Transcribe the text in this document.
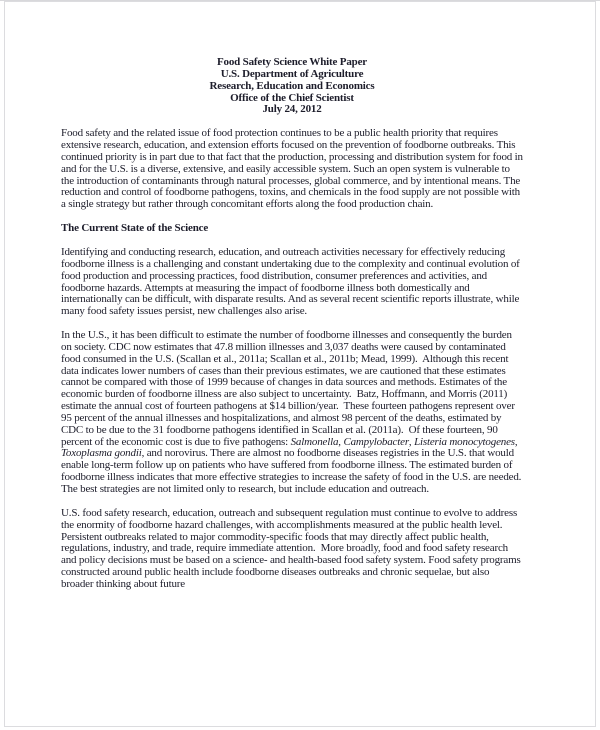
Food Safety Science White Paper
U.S. Department of Agriculture
Research, Education and Economics
Office of the Chief Scientist
July 24, 2012

Food safety and the related issue of food protection continues to be a public health priority that requires extensive research, education, and extension efforts focused on the prevention of foodborne outbreaks. This continued priority is in part due to that fact that the production, processing and distribution system for food in and for the U.S. is a diverse, extensive, and easily accessible system. Such an open system is vulnerable to the introduction of contaminants through natural processes, global commerce, and by intentional means. The reduction and control of foodborne pathogens, toxins, and chemicals in the food supply are not possible with a single strategy but rather through concomitant efforts along the food production chain.

The Current State of the Science

Identifying and conducting research, education, and outreach activities necessary for effectively reducing foodborne illness is a challenging and constant undertaking due to the complexity and continual evolution of food production and processing practices, food distribution, consumer preferences and activities, and foodborne hazards. Attempts at measuring the impact of foodborne illness both domestically and internationally can be difficult, with disparate results. And as several recent scientific reports illustrate, while many food safety issues persist, new challenges also arise.

In the U.S., it has been difficult to estimate the number of foodborne illnesses and consequently the burden on society. CDC now estimates that 47.8 million illnesses and 3,037 deaths were caused by contaminated food consumed in the U.S. (Scallan et al., 2011a; Scallan et al., 2011b; Mead, 1999).  Although this recent data indicates lower numbers of cases than their previous estimates, we are cautioned that these estimates cannot be compared with those of 1999 because of changes in data sources and methods. Estimates of the economic burden of foodborne illness are also subject to uncertainty.  Batz, Hoffmann, and Morris (2011) estimate the annual cost of fourteen pathogens at $14 billion/year.  These fourteen pathogens represent over 95 percent of the annual illnesses and hospitalizations, and almost 98 percent of the deaths, estimated by CDC to be due to the 31 foodborne pathogens identified in Scallan et al. (2011a).  Of these fourteen, 90 percent of the economic cost is due to five pathogens: Salmonella, Campylobacter, Listeria monocytogenes, Toxoplasma gondii, and norovirus. There are almost no foodborne diseases registries in the U.S. that would enable long-term follow up on patients who have suffered from foodborne illness. The estimated burden of foodborne illness indicates that more effective strategies to increase the safety of food in the U.S. are needed. The best strategies are not limited only to research, but include education and outreach.

U.S. food safety research, education, outreach and subsequent regulation must continue to evolve to address the enormity of foodborne hazard challenges, with accomplishments measured at the public health level. Persistent outbreaks related to major commodity-specific foods that may directly affect public health, regulations, industry, and trade, require immediate attention.  More broadly, food and food safety research and policy decisions must be based on a science- and health-based food safety system. Food safety programs constructed around public health include foodborne diseases outbreaks and chronic sequelae, but also broader thinking about future
